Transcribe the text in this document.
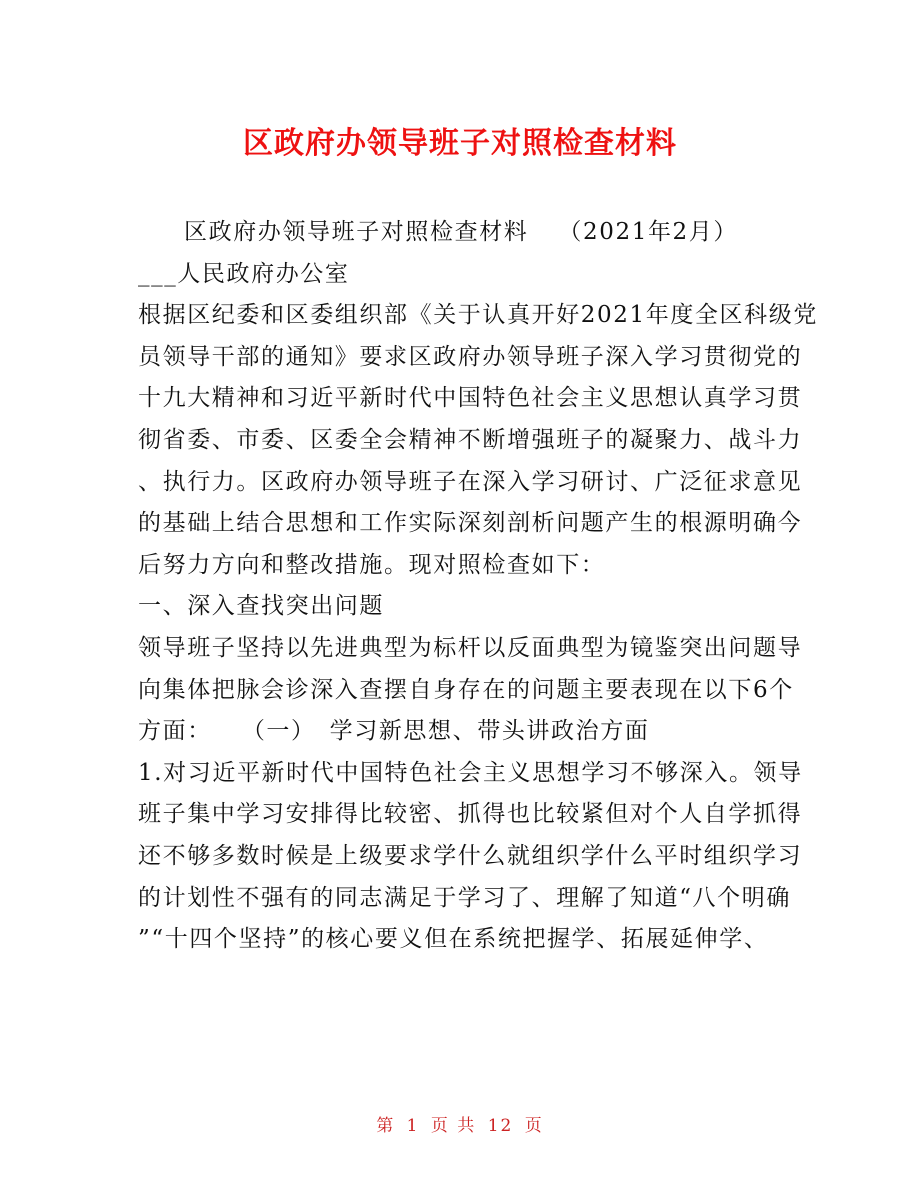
区政府办领导班子对照检查材料
区政府办领导班子对照检查材料 （2021年2月）
___人民政府办公室
根据区纪委和区委组织部《关于认真开好2021年度全区科级党
员领导干部的通知》要求区政府办领导班子深入学习贯彻党的
十九大精神和习近平新时代中国特色社会主义思想认真学习贯
彻省委、市委、区委全会精神不断增强班子的凝聚力、战斗力
、执行力。区政府办领导班子在深入学习研讨、广泛征求意见
的基础上结合思想和工作实际深刻剖析问题产生的根源明确今
后努力方向和整改措施。现对照检查如下：
一、深入查找突出问题
领导班子坚持以先进典型为标杆以反面典型为镜鉴突出问题导
向集体把脉会诊深入查摆自身存在的问题主要表现在以下6个
方面： （一） 学习新思想、带头讲政治方面
1.对习近平新时代中国特色社会主义思想学习不够深入。领导
班子集中学习安排得比较密、抓得也比较紧但对个人自学抓得
还不够多数时候是上级要求学什么就组织学什么平时组织学习
的计划性不强有的同志满足于学习了、理解了知道“八个明确
”“十四个坚持”的核心要义但在系统把握学、拓展延伸学、
第 1 页 共 12 页
